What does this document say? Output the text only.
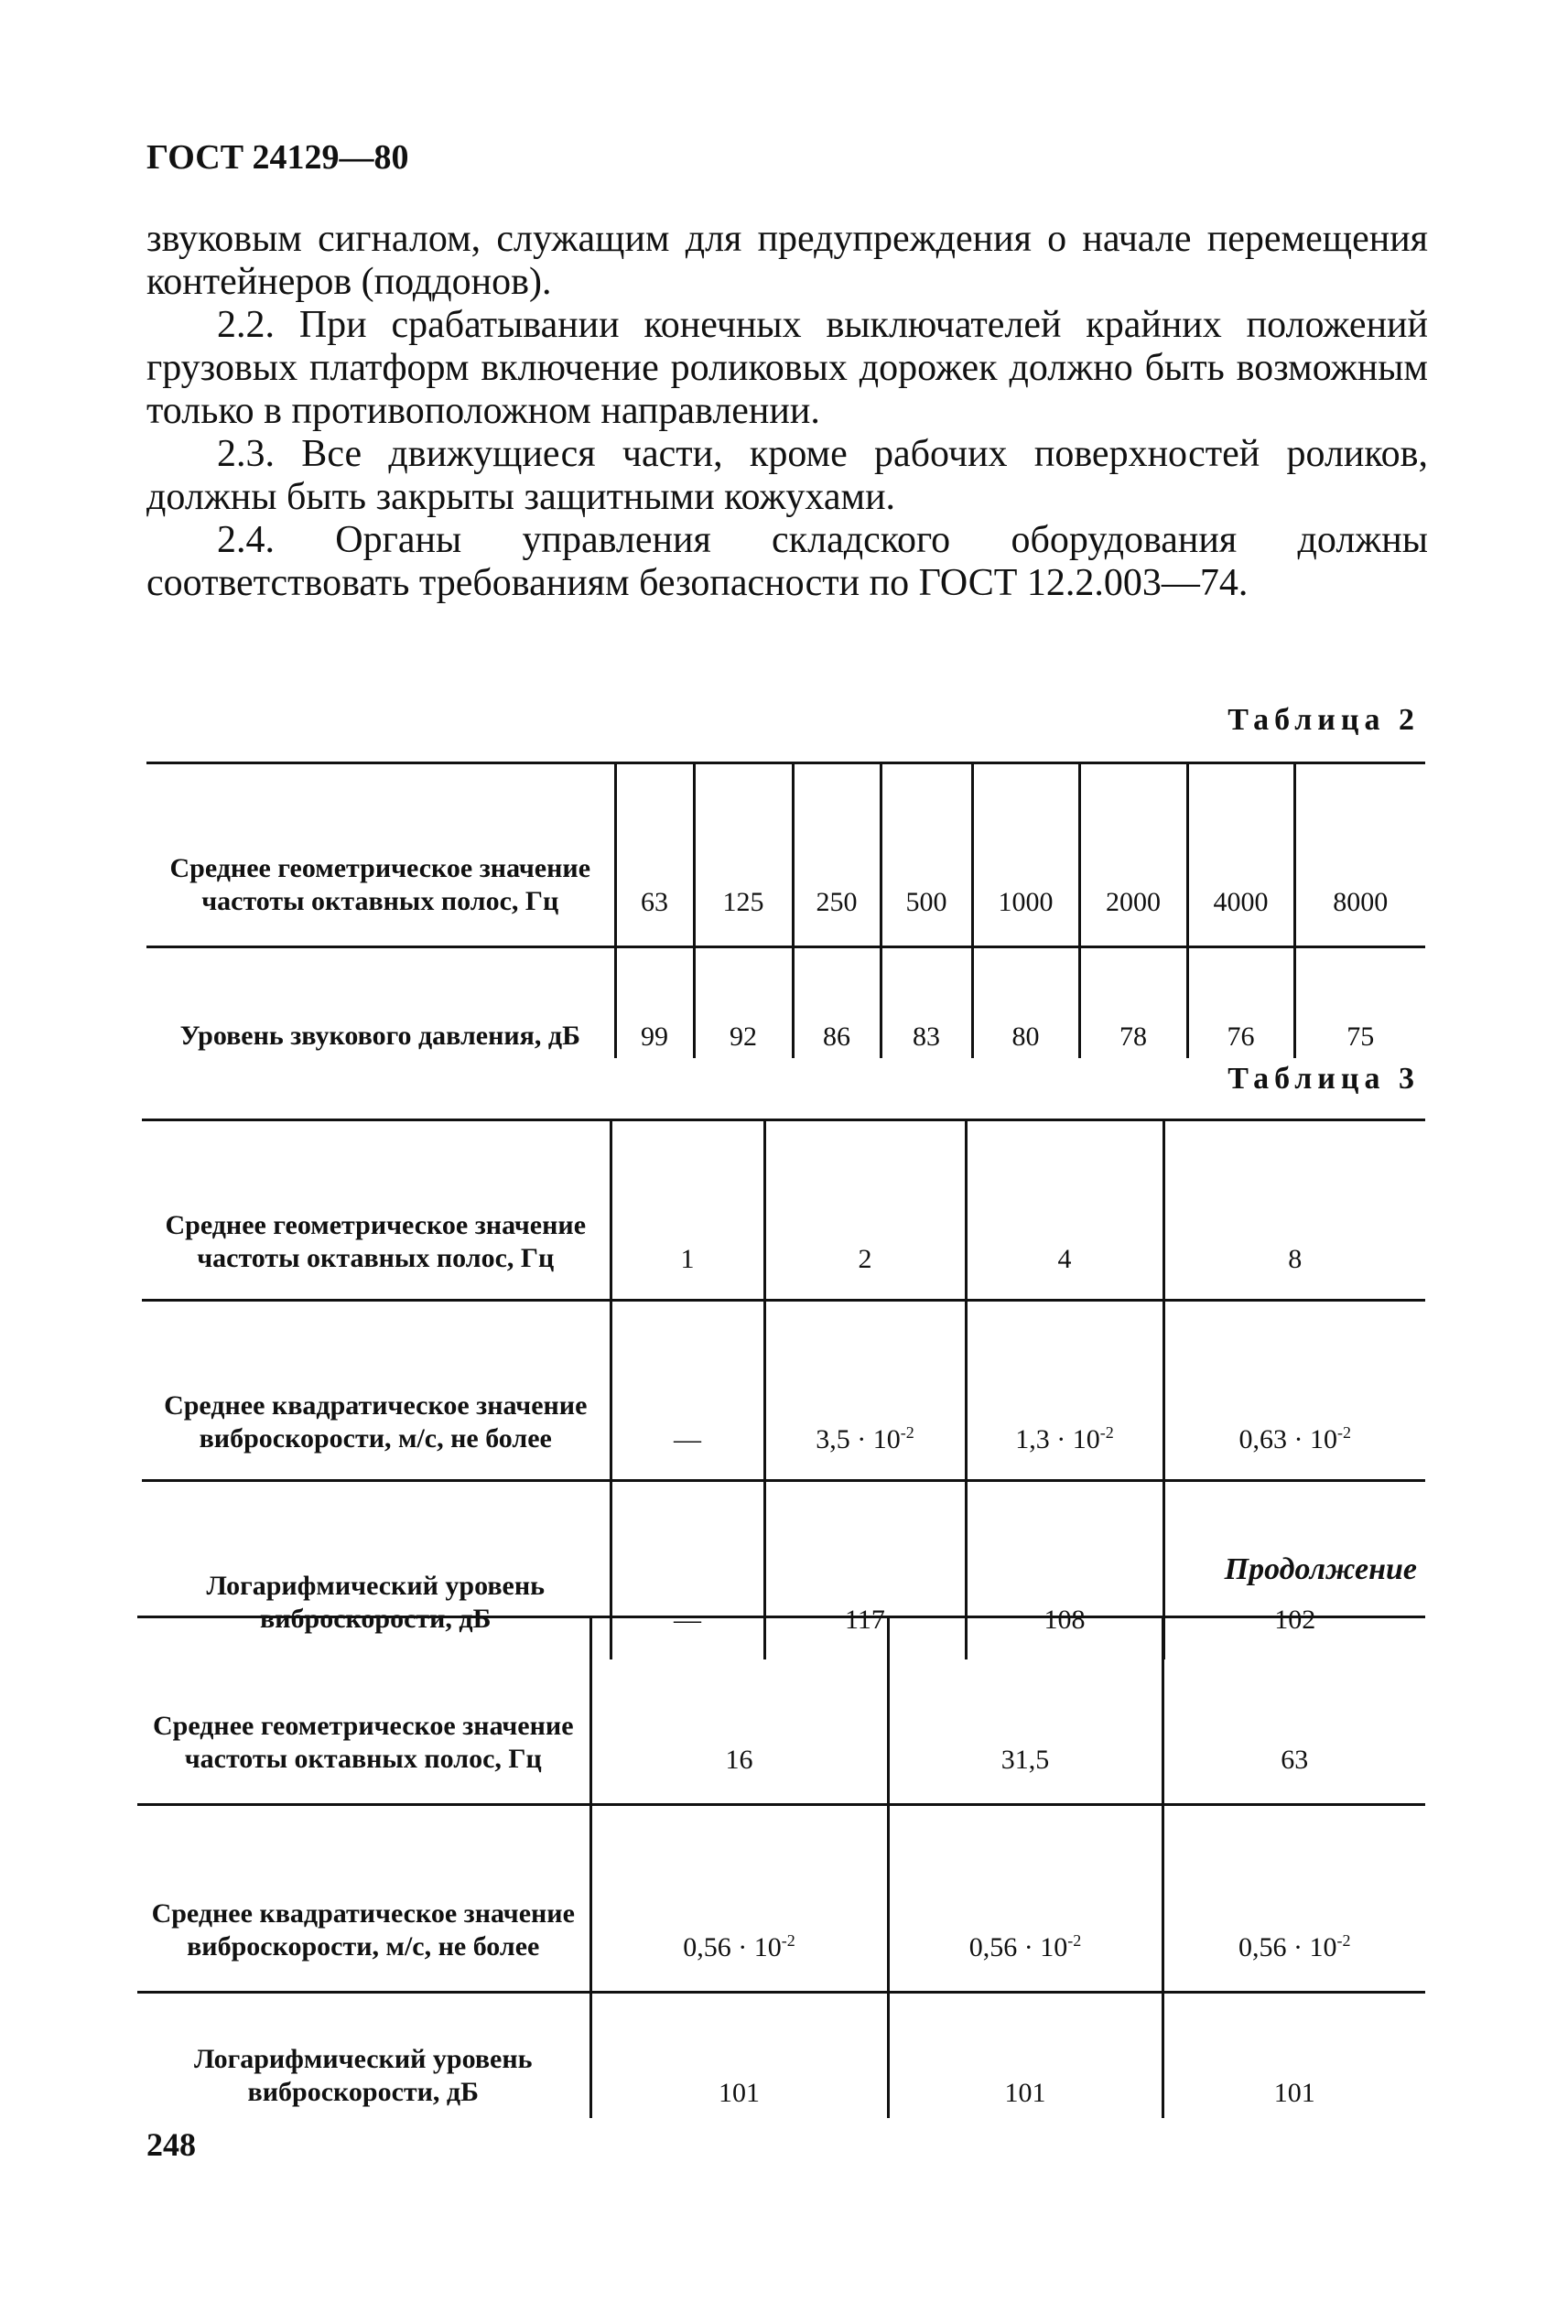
ГОСТ 24129—80

звуковым сигналом, служащим для предупреждения о начале перемещения контейнеров (поддонов).

2.2. При срабатывании конечных выключателей крайних положений грузовых платформ включение роликовых дорожек должно быть возможным только в противоположном направлении.

2.3. Все движущиеся части, кроме рабочих поверхностей роликов, должны быть закрыты защитными кожухами.

2.4. Органы управления складского оборудования должны соответствовать требованиям безопасности по ГОСТ 12.2.003—74.

Таблица 2
Среднее геометрическое значение частоты октавных полос, Гц	63	125	250	500	1000	2000	4000	8000
Уровень звукового давления, дБ	99	92	86	83	80	78	76	75
Таблица 3
Среднее геометрическое значение частоты октавных полос, Гц	1	2	4	8
Среднее квадратическое значение виброскорости, м/с, не более	—	$3,5 \cdot 10^{-2}$	$1,3 \cdot 10^{-2}$	$0,63 \cdot 10^{-2}$
Логарифмический уровень виброскорости, дБ	—	117	108	102
Продолжение
Среднее геометрическое значение частоты октавных полос, Гц	16	31,5	63
Среднее квадратическое значение виброскорости, м/с, не более	$0,56 \cdot 10^{-2}$	$0,56 \cdot 10^{-2}$	$0,56 \cdot 10^{-2}$
Логарифмический уровень виброскорости, дБ	101	101	101
248
